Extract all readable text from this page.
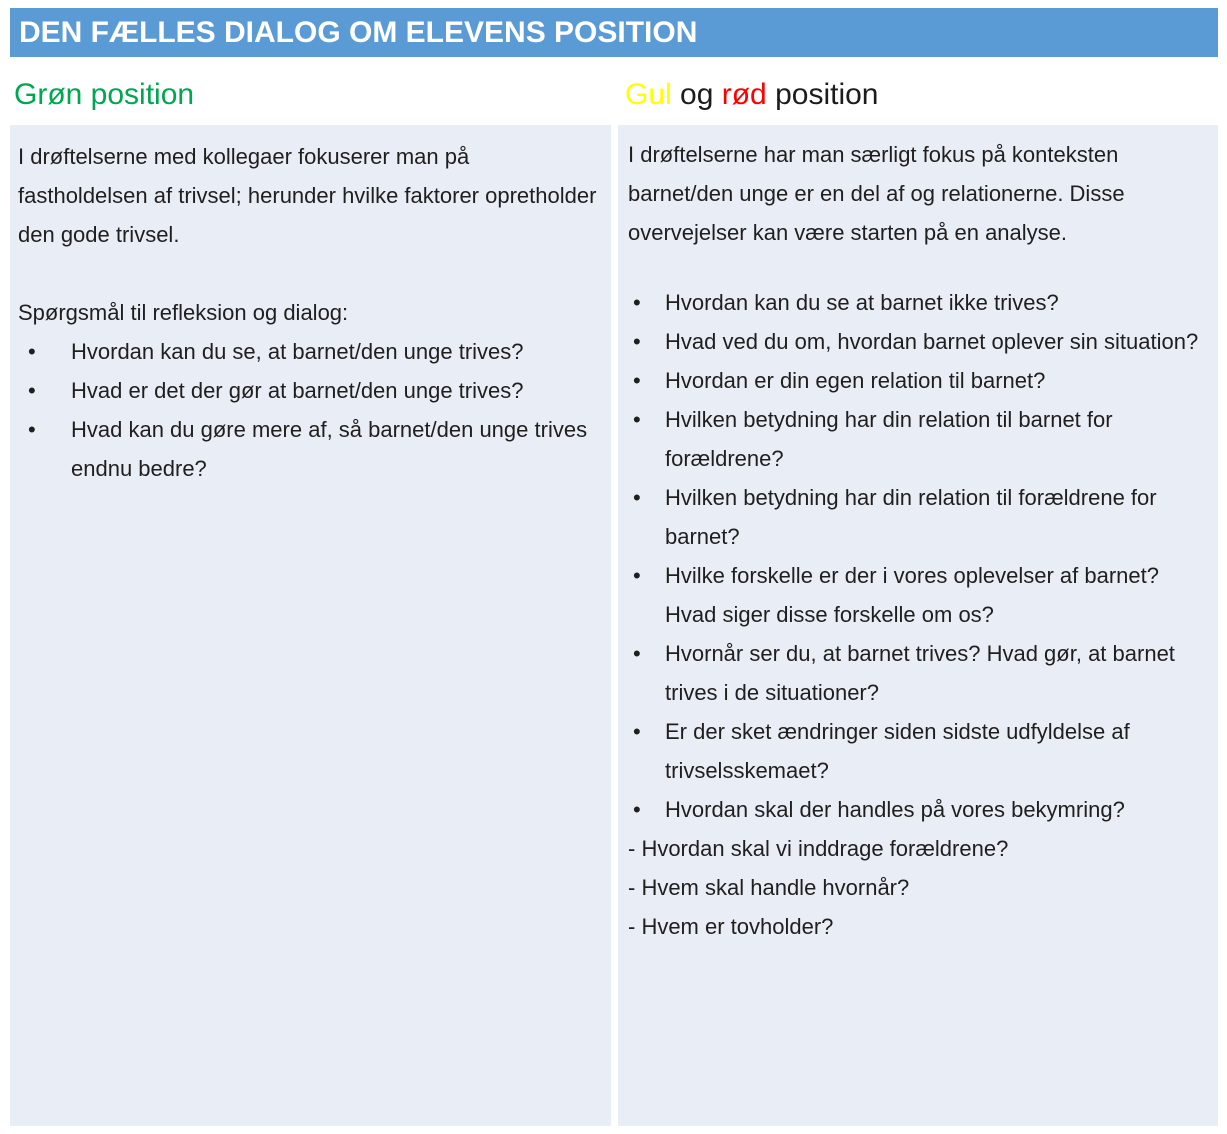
DEN FÆLLES DIALOG OM ELEVENS POSITION
Grøn position	Gul og rød position

I drøftelserne med kollegaer fokuserer man på fastholdelsen af trivsel; herunder hvilke faktorer opretholder den gode trivsel.

Spørgsmål til refleksion og dialog:

• Hvordan kan du se, at barnet/den unge trives?
• Hvad er det der gør at barnet/den unge trives?
• Hvad kan du gøre mere af, så barnet/den unge trives endnu bedre?

I drøftelserne har man særligt fokus på konteksten barnet/den unge er en del af og relationerne. Disse overvejelser kan være starten på en analyse.

• Hvordan kan du se at barnet ikke trives?
• Hvad ved du om, hvordan barnet oplever sin situation?
• Hvordan er din egen relation til barnet?
• Hvilken betydning har din relation til barnet for forældrene?
• Hvilken betydning har din relation til forældrene for barnet?
• Hvilke forskelle er der i vores oplevelser af barnet? Hvad siger disse forskelle om os?
• Hvornår ser du, at barnet trives? Hvad gør, at barnet trives i de situationer?
• Er der sket ændringer siden sidste udfyldelse af trivselsskemaet?
• Hvordan skal der handles på vores bekymring?
- Hvordan skal vi inddrage forældrene?
- Hvem skal handle hvornår?
- Hvem er tovholder?
